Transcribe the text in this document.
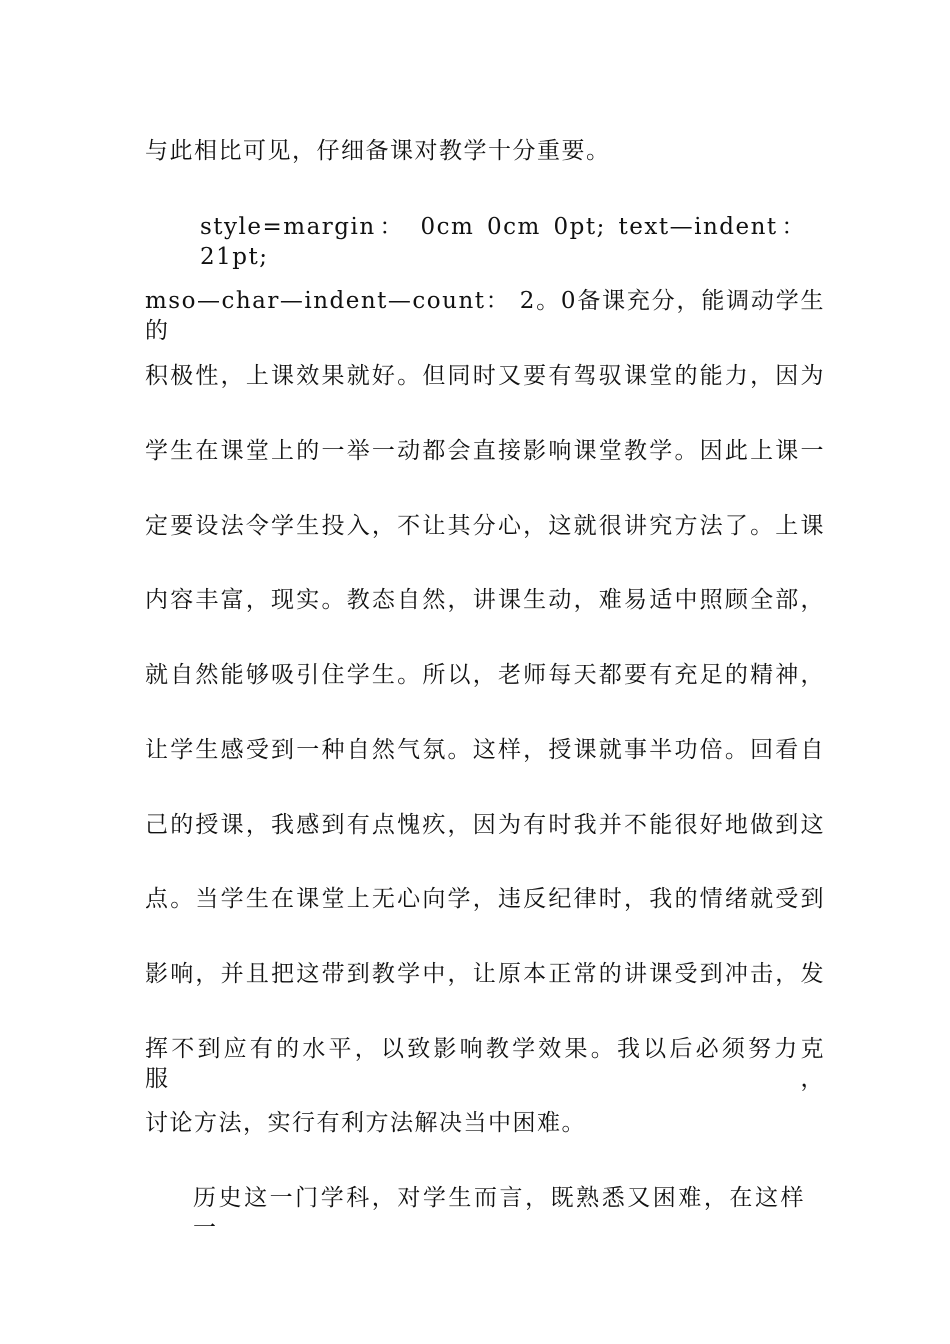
与此相比可见，仔细备课对教学十分重要。
style=margin： 0cm 0cm 0pt; text—indent： 21pt;
mso—char—indent—count： 2。0备课充分，能调动学生的
积极性，上课效果就好。但同时又要有驾驭课堂的能力，因为
学生在课堂上的一举一动都会直接影响课堂教学。因此上课一
定要设法令学生投入，不让其分心，这就很讲究方法了。上课
内容丰富，现实。教态自然，讲课生动，难易适中照顾全部，
就自然能够吸引住学生。所以，老师每天都要有充足的精神，
让学生感受到一种自然气氛。这样，授课就事半功倍。回看自
己的授课，我感到有点愧疚，因为有时我并不能很好地做到这
点。当学生在课堂上无心向学，违反纪律时，我的情绪就受到
影响，并且把这带到教学中，让原本正常的讲课受到冲击，发
挥不到应有的水平，以致影响教学效果。我以后必须努力克服，
讨论方法，实行有利方法解决当中困难。
历史这一门学科，对学生而言，既熟悉又困难，在这样一
